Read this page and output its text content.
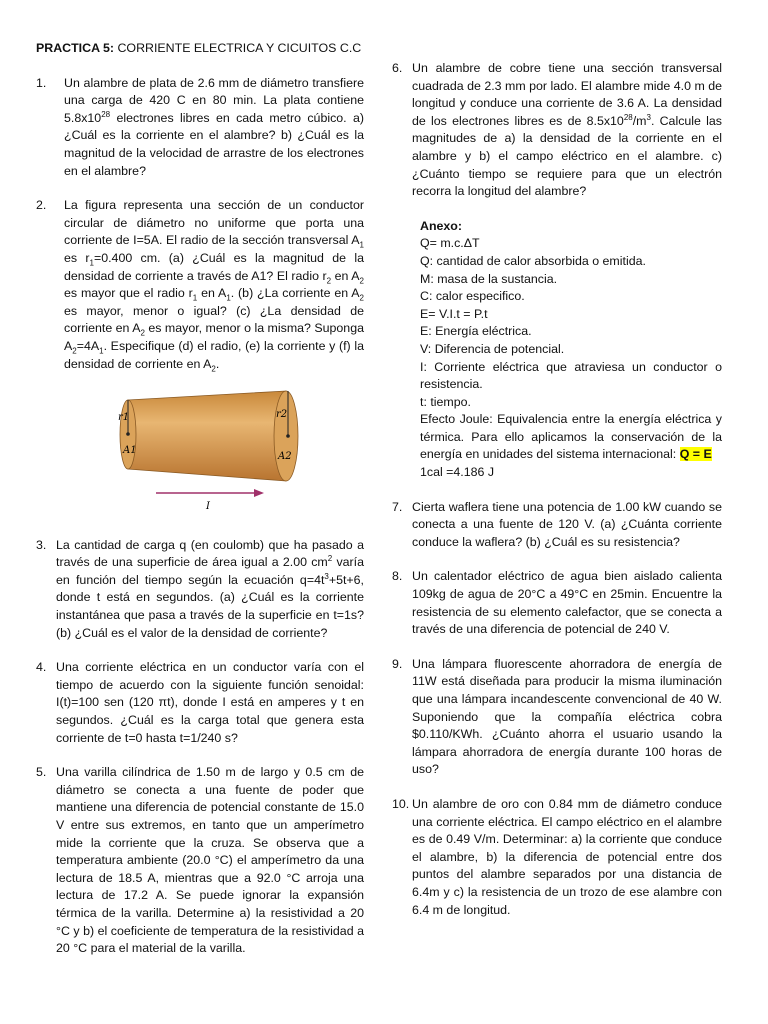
PRACTICA 5: CORRIENTE ELECTRICA Y CICUITOS C.C
1.	Un alambre de plata de 2.6 mm de diámetro transfiere una carga de 420 C en 80 min. La plata contiene $5.8x10^{28}$ electrones libres en cada metro cúbico. a) ¿Cuál es la corriente en el alambre? b) ¿Cuál es la magnitud de la velocidad de arrastre de los electrones en el alambre?
2.	La figura representa una sección de un conductor circular de diámetro no uniforme que porta una corriente de I=5A. El radio de la sección transversal $A_1$ es $r_1=0.400$ cm. (a) ¿Cuál es la magnitud de la densidad de corriente a través de A1? El radio $r_2$ en $A_2$ es mayor que el radio $r_1$ en $A_1$. (b) ¿La corriente en $A_2$ es mayor, menor o igual? (c) ¿La densidad de corriente en $A_2$ es mayor, menor o la misma? Suponga $A_2=4A_1$. Especifique (d) el radio, (e) la corriente y (f) la densidad de corriente en $A_2$.
r1	r2
A1
A2
I
3. La cantidad de carga q (en coulomb) que ha pasado a través de una superficie de área igual a 2.00 $cm^2$ varía en función del tiempo según la ecuación $q=4t^3+5t+6$, donde t está en segundos. (a) ¿Cuál es la corriente instantánea que pasa a través de la superficie en t=1s? (b) ¿Cuál es el valor de la densidad de corriente?
4. Una corriente eléctrica en un conductor varía con el tiempo de acuerdo con la siguiente función senoidal: I(t)=100 sen (120 πt), donde I está en amperes y t en segundos. ¿Cuál es la carga total que genera esta corriente de t=0 hasta t=1/240 s?
5. Una varilla cilíndrica de 1.50 m de largo y 0.5 cm de diámetro se conecta a una fuente de poder que mantiene una diferencia de potencial constante de 15.0 V entre sus extremos, en tanto que un amperímetro mide la corriente que la cruza. Se observa que a temperatura ambiente (20.0 °C) el amperímetro da una lectura de 18.5 A, mientras que a 92.0 °C arroja una lectura de 17.2 A. Se puede ignorar la expansión térmica de la varilla. Determine a) la resistividad a 20 °C y b) el coeficiente de temperatura de la resistividad a 20 °C para el material de la varilla.
6. Un alambre de cobre tiene una sección transversal cuadrada de 2.3 mm por lado. El alambre mide 4.0 m de longitud y conduce una corriente de 3.6 A. La densidad de los electrones libres es de $8.5x10^{28}/m^3$. Calcule las magnitudes de a) la densidad de la corriente en el alambre y b) el campo eléctrico en el alambre. c) ¿Cuánto tiempo se requiere para que un electrón recorra la longitud del alambre?
Anexo:
Q= m.c.ΔT
Q: cantidad de calor absorbida o emitida.
M: masa de la sustancia.
C: calor especifico.
E= V.I.t = P.t
E: Energía eléctrica.
V: Diferencia de potencial.
I: Corriente eléctrica que atraviesa un conductor o resistencia.
t: tiempo.
Efecto Joule: Equivalencia entre la energía eléctrica y térmica. Para ello aplicamos la conservación de la energía en unidades del sistema internacional: Q = E
1cal =4.186 J
7. Cierta waflera tiene una potencia de 1.00 kW cuando se conecta a una fuente de 120 V. (a) ¿Cuánta corriente conduce la waflera? (b) ¿Cuál es su resistencia?
8. Un calentador eléctrico de agua bien aislado calienta 109kg de agua de 20°C a 49°C en 25min. Encuentre la resistencia de su elemento calefactor, que se conecta a través de una diferencia de potencial de 240 V.
9. Una lámpara fluorescente ahorradora de energía de 11W está diseñada para producir la misma iluminación que una lámpara incandescente convencional de 40 W. Suponiendo que la compañía eléctrica cobra $0.110/KWh. ¿Cuánto ahorra el usuario usando la lámpara ahorradora de energía durante 100 horas de uso?
10. Un alambre de oro con 0.84 mm de diámetro conduce una corriente eléctrica. El campo eléctrico en el alambre es de 0.49 V/m. Determinar: a) la corriente que conduce el alambre, b) la diferencia de potencial entre dos puntos del alambre separados por una distancia de 6.4m y c) la resistencia de un trozo de ese alambre con 6.4 m de longitud.
